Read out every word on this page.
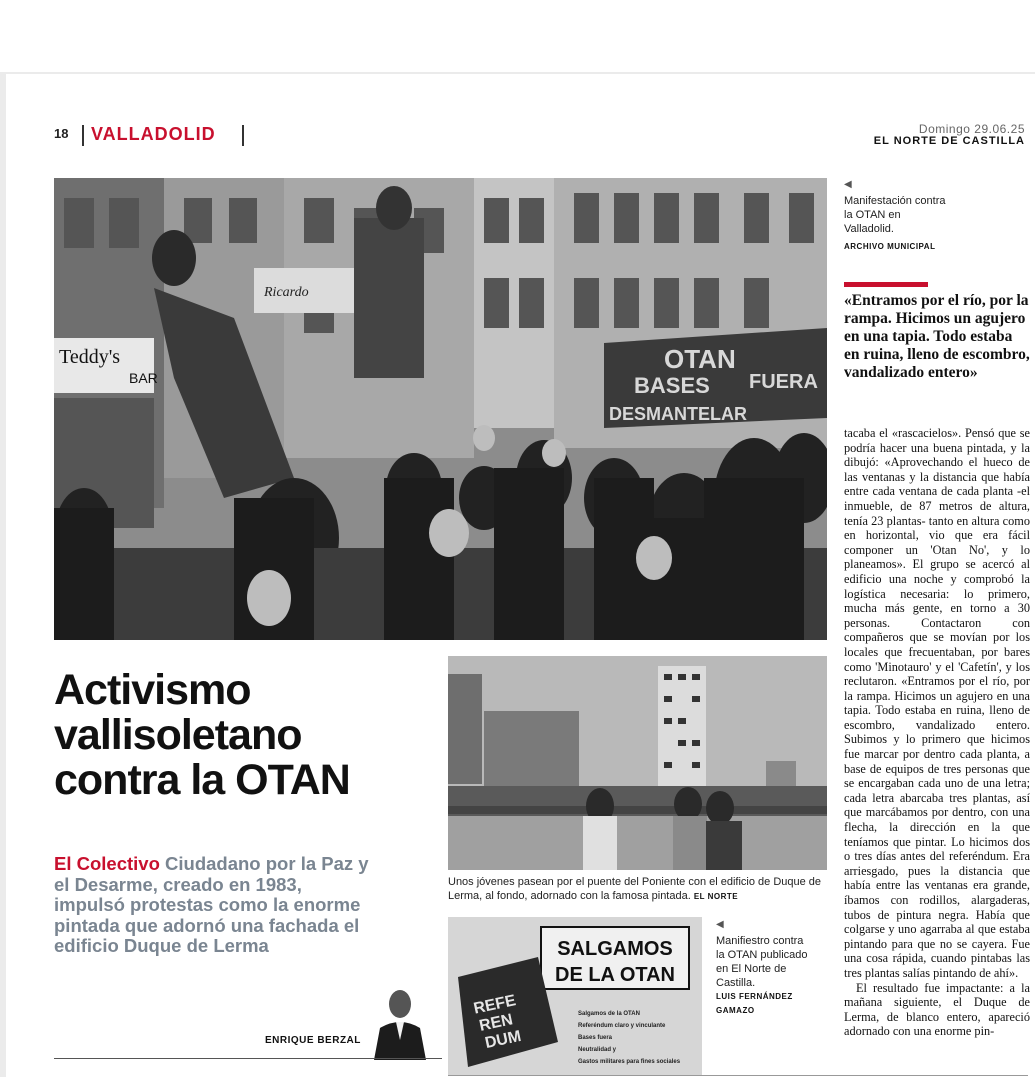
18 VALLADOLID	Domingo 29.06.25
EL NORTE DE CASTILLA
Teddy's
BAR
Ricardo
OTAN
BASES FUERA
DESMANTELAR
◀
Manifestación contra
la OTAN en
Valladolid.
ARCHIVO MUNICIPAL
«Entramos por el río, por la rampa. Hicimos un agujero en una tapia. Todo estaba en ruina, lleno de escombro, vandalizado entero»

tacaba el «rascacielos». Pensó que se podría hacer una buena pintada, y la dibujó: «Aprovechando el hueco de las ventanas y la distancia que había entre cada ventana de cada planta -el inmueble, de 87 metros de altura, tenía 23 plantas- tanto en altura como en horizontal, vio que era fácil componer un 'Otan No', y lo planeamos». El grupo se acercó al edificio una noche y comprobó la logística necesaria: lo primero, mucha más gente, en torno a 30 personas. Contactaron con compañeros que se movían por los locales que frecuentaban, por bares como 'Minotauro' y el 'Cafetín', y los reclutaron. «Entramos por el río, por la rampa. Hicimos un agujero en una tapia. Todo estaba en ruina, lleno de escombro, vandalizado entero. Subimos y lo primero que hicimos fue marcar por dentro cada planta, a base de equipos de tres personas que se encargaban cada uno de una letra; cada letra abarcaba tres plantas, así que marcábamos por dentro, con una flecha, la dirección en la que teníamos que pintar. Lo hicimos dos o tres días antes del referéndum. Era arriesgado, pues la distancia que había entre las ventanas era grande, íbamos con rodillos, alargaderas, tubos de pintura negra. Había que colgarse y uno agarraba al que estaba pintando para que no se cayera. Fue una cosa rápida, cuando pintabas las tres plantas salías pintando de ahí».

El resultado fue impactante: a la mañana siguiente, el Duque de Lerma, de blanco entero, apareció adornado con una enorme pin-

Activismo
vallisoletano
contra la OTAN
El Colectivo Ciudadano por la Paz y el Desarme, creado en 1983, impulsó protestas como la enorme pintada que adornó una fachada el edificio Duque de Lerma
Unos jóvenes pasean por el puente del Poniente con el edificio de Duque de Lerma, al fondo, adornado con la famosa pintada. EL NORTE
SALGAMOS
DE LA OTAN
REFE
REN
DUM
Salgamos de la OTAN
Referéndum claro y vinculante
Bases fuera
Neutralidad y
Gastos militares para fines sociales
◀
Manifiestro contra
la OTAN publicado
en El Norte de
Castilla.
LUIS FERNÁNDEZ
GAMAZO
ENRIQUE BERZAL
